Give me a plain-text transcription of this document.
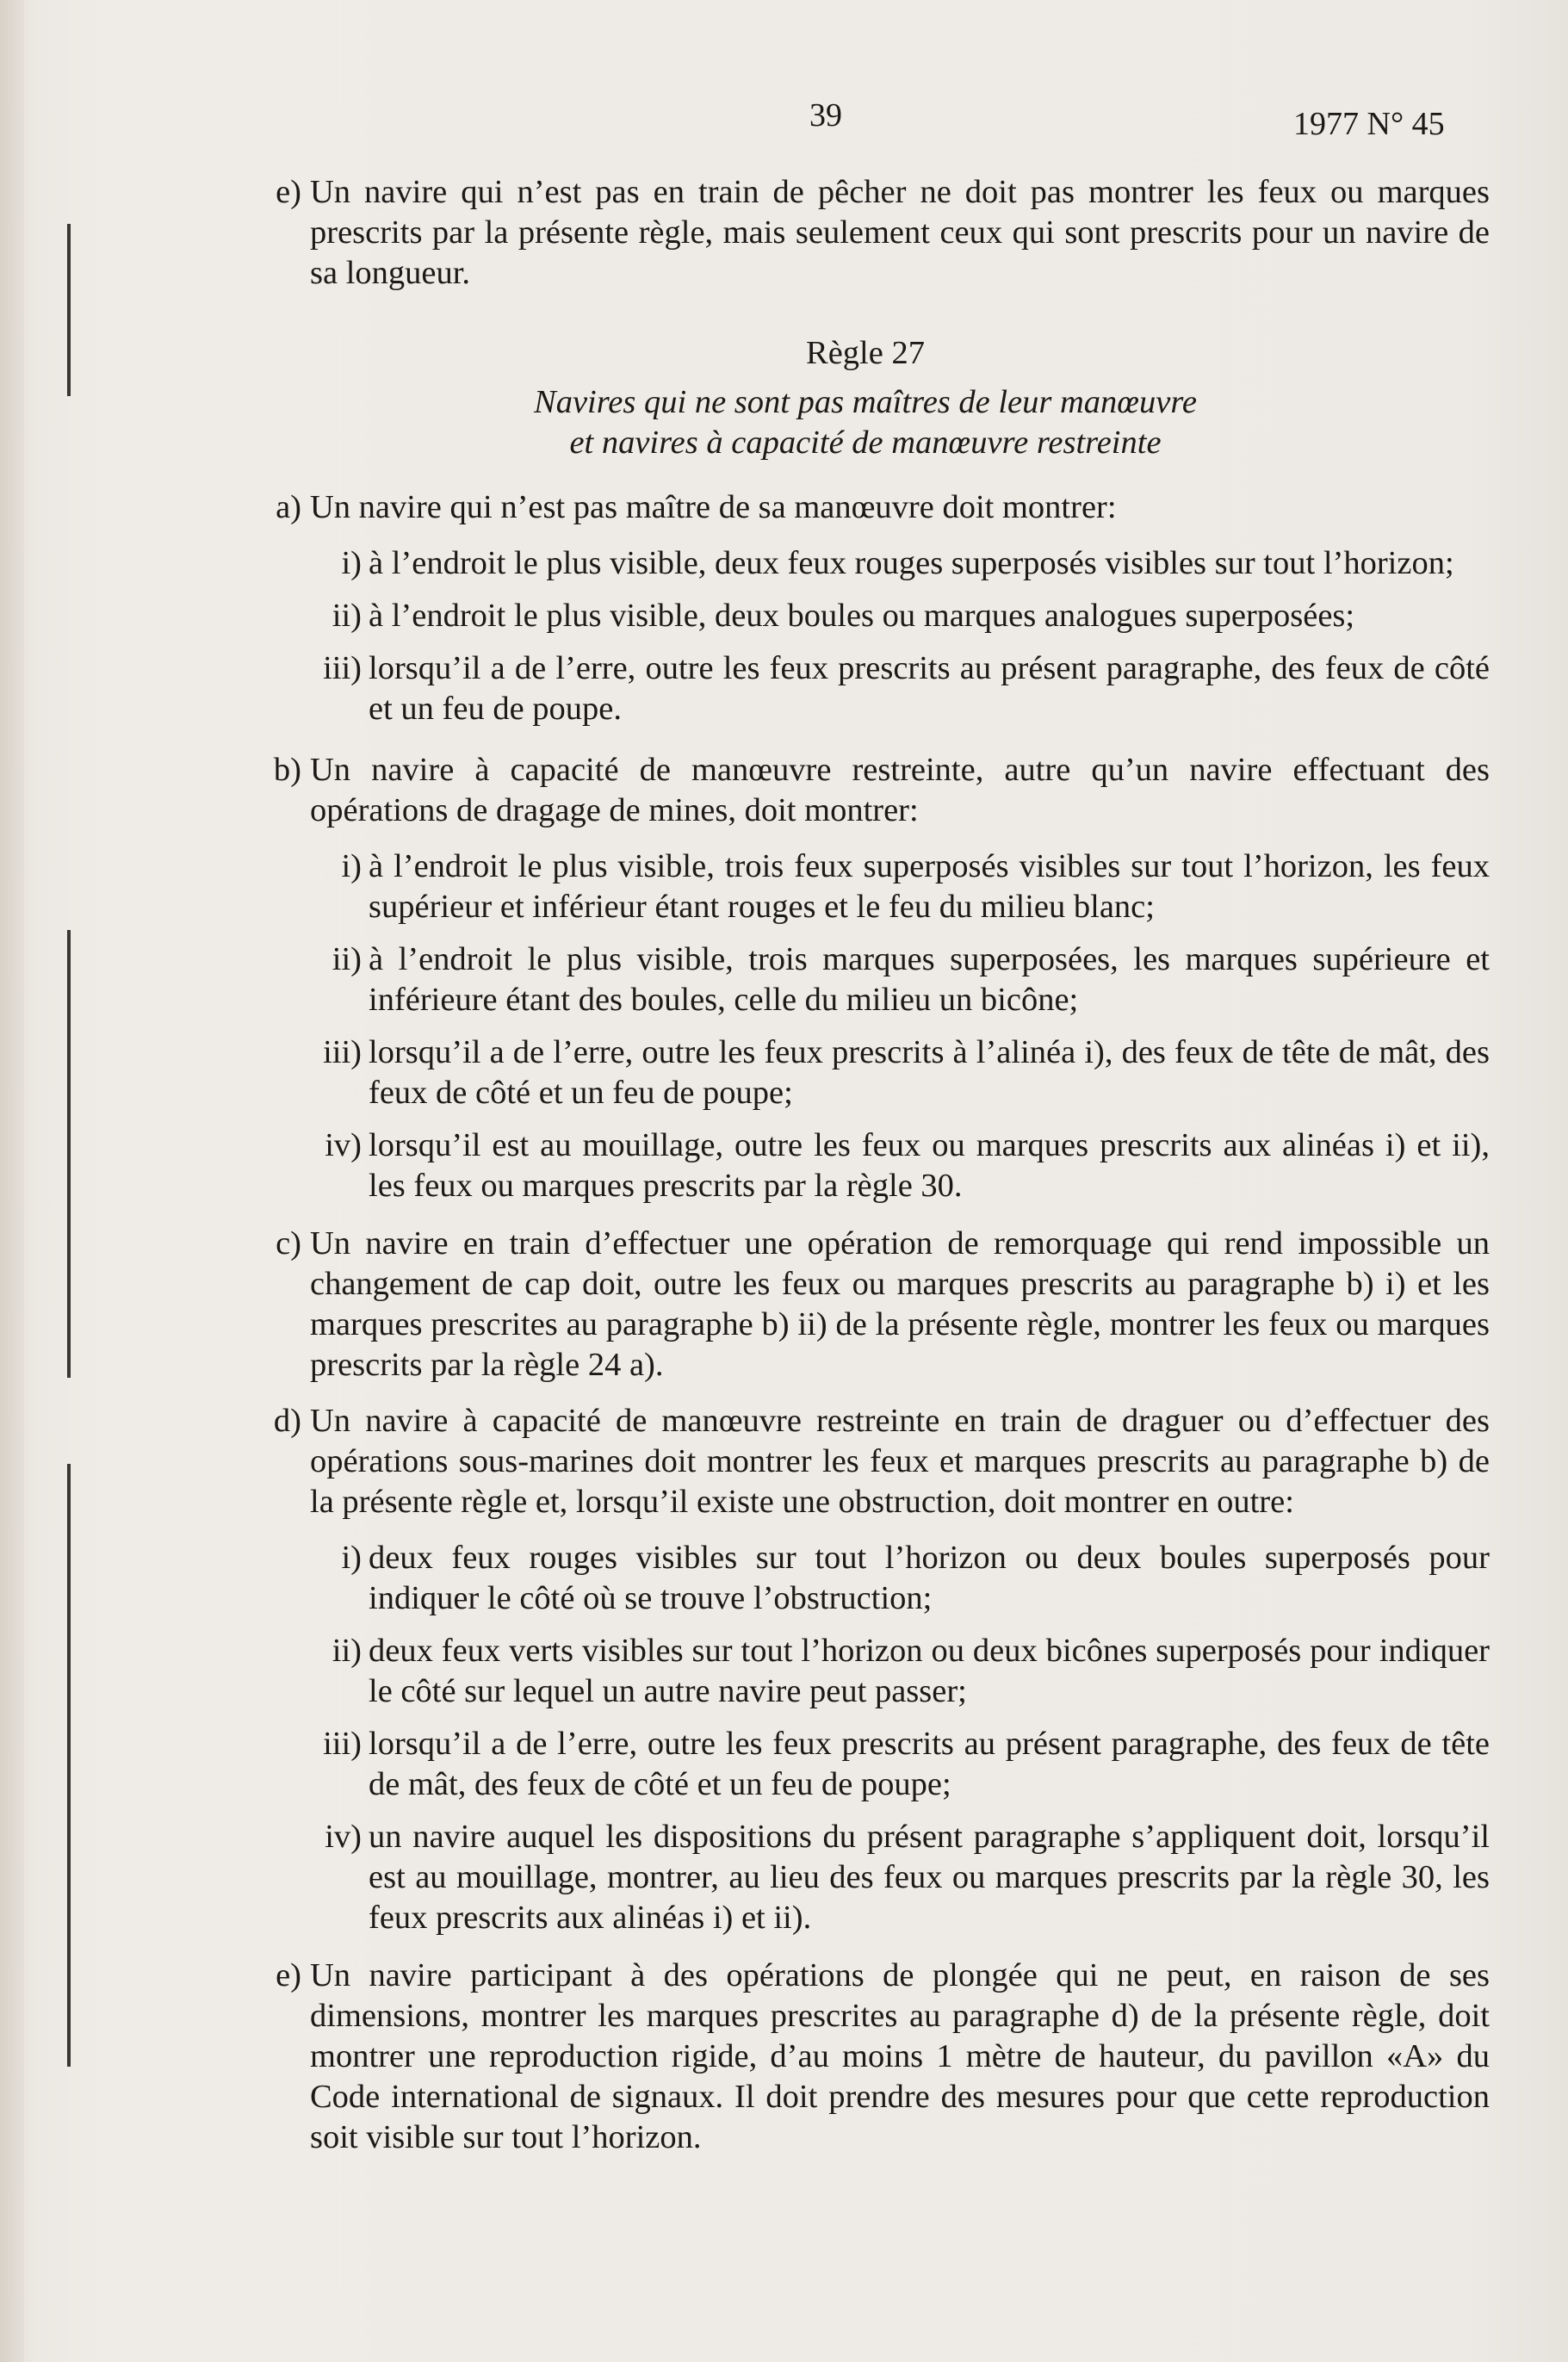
39	1977 N° 45
e) Un navire qui n’est pas en train de pêcher ne doit pas montrer les feux ou marques prescrits par la présente règle, mais seulement ceux qui sont prescrits pour un navire de sa longueur.
Règle 27
Navires qui ne sont pas maîtres de leur manœuvre
et navires à capacité de manœuvre restreinte
a) Un navire qui n’est pas maître de sa manœuvre doit montrer:
i) à l’endroit le plus visible, deux feux rouges superposés visibles sur tout l’horizon;
ii) à l’endroit le plus visible, deux boules ou marques analogues superposées;
iii) lorsqu’il a de l’erre, outre les feux prescrits au présent paragraphe, des feux de côté et un feu de poupe.
b) Un navire à capacité de manœuvre restreinte, autre qu’un navire effectuant des opérations de dragage de mines, doit montrer:
i) à l’endroit le plus visible, trois feux superposés visibles sur tout l’horizon, les feux supérieur et inférieur étant rouges et le feu du milieu blanc;
ii) à l’endroit le plus visible, trois marques superposées, les marques supérieure et inférieure étant des boules, celle du milieu un bicône;
iii) lorsqu’il a de l’erre, outre les feux prescrits à l’alinéa i), des feux de tête de mât, des feux de côté et un feu de poupe;
iv) lorsqu’il est au mouillage, outre les feux ou marques prescrits aux alinéas i) et ii), les feux ou marques prescrits par la règle 30.
c) Un navire en train d’effectuer une opération de remorquage qui rend impossible un changement de cap doit, outre les feux ou marques prescrits au paragraphe b) i) et les marques prescrites au paragraphe b) ii) de la présente règle, montrer les feux ou marques prescrits par la règle 24 a).
d) Un navire à capacité de manœuvre restreinte en train de draguer ou d’effectuer des opérations sous-marines doit montrer les feux et marques prescrits au paragraphe b) de la présente règle et, lorsqu’il existe une obstruction, doit montrer en outre:
i) deux feux rouges visibles sur tout l’horizon ou deux boules superposés pour indiquer le côté où se trouve l’obstruction;
ii) deux feux verts visibles sur tout l’horizon ou deux bicônes superposés pour indiquer le côté sur lequel un autre navire peut passer;
iii) lorsqu’il a de l’erre, outre les feux prescrits au présent paragraphe, des feux de tête de mât, des feux de côté et un feu de poupe;
iv) un navire auquel les dispositions du présent paragraphe s’appliquent doit, lorsqu’il est au mouillage, montrer, au lieu des feux ou marques prescrits par la règle 30, les feux prescrits aux alinéas i) et ii).
e) Un navire participant à des opérations de plongée qui ne peut, en raison de ses dimensions, montrer les marques prescrites au paragraphe d) de la présente règle, doit montrer une reproduction rigide, d’au moins 1 mètre de hauteur, du pavillon «A» du Code international de signaux. Il doit prendre des mesures pour que cette reproduction soit visible sur tout l’horizon.
